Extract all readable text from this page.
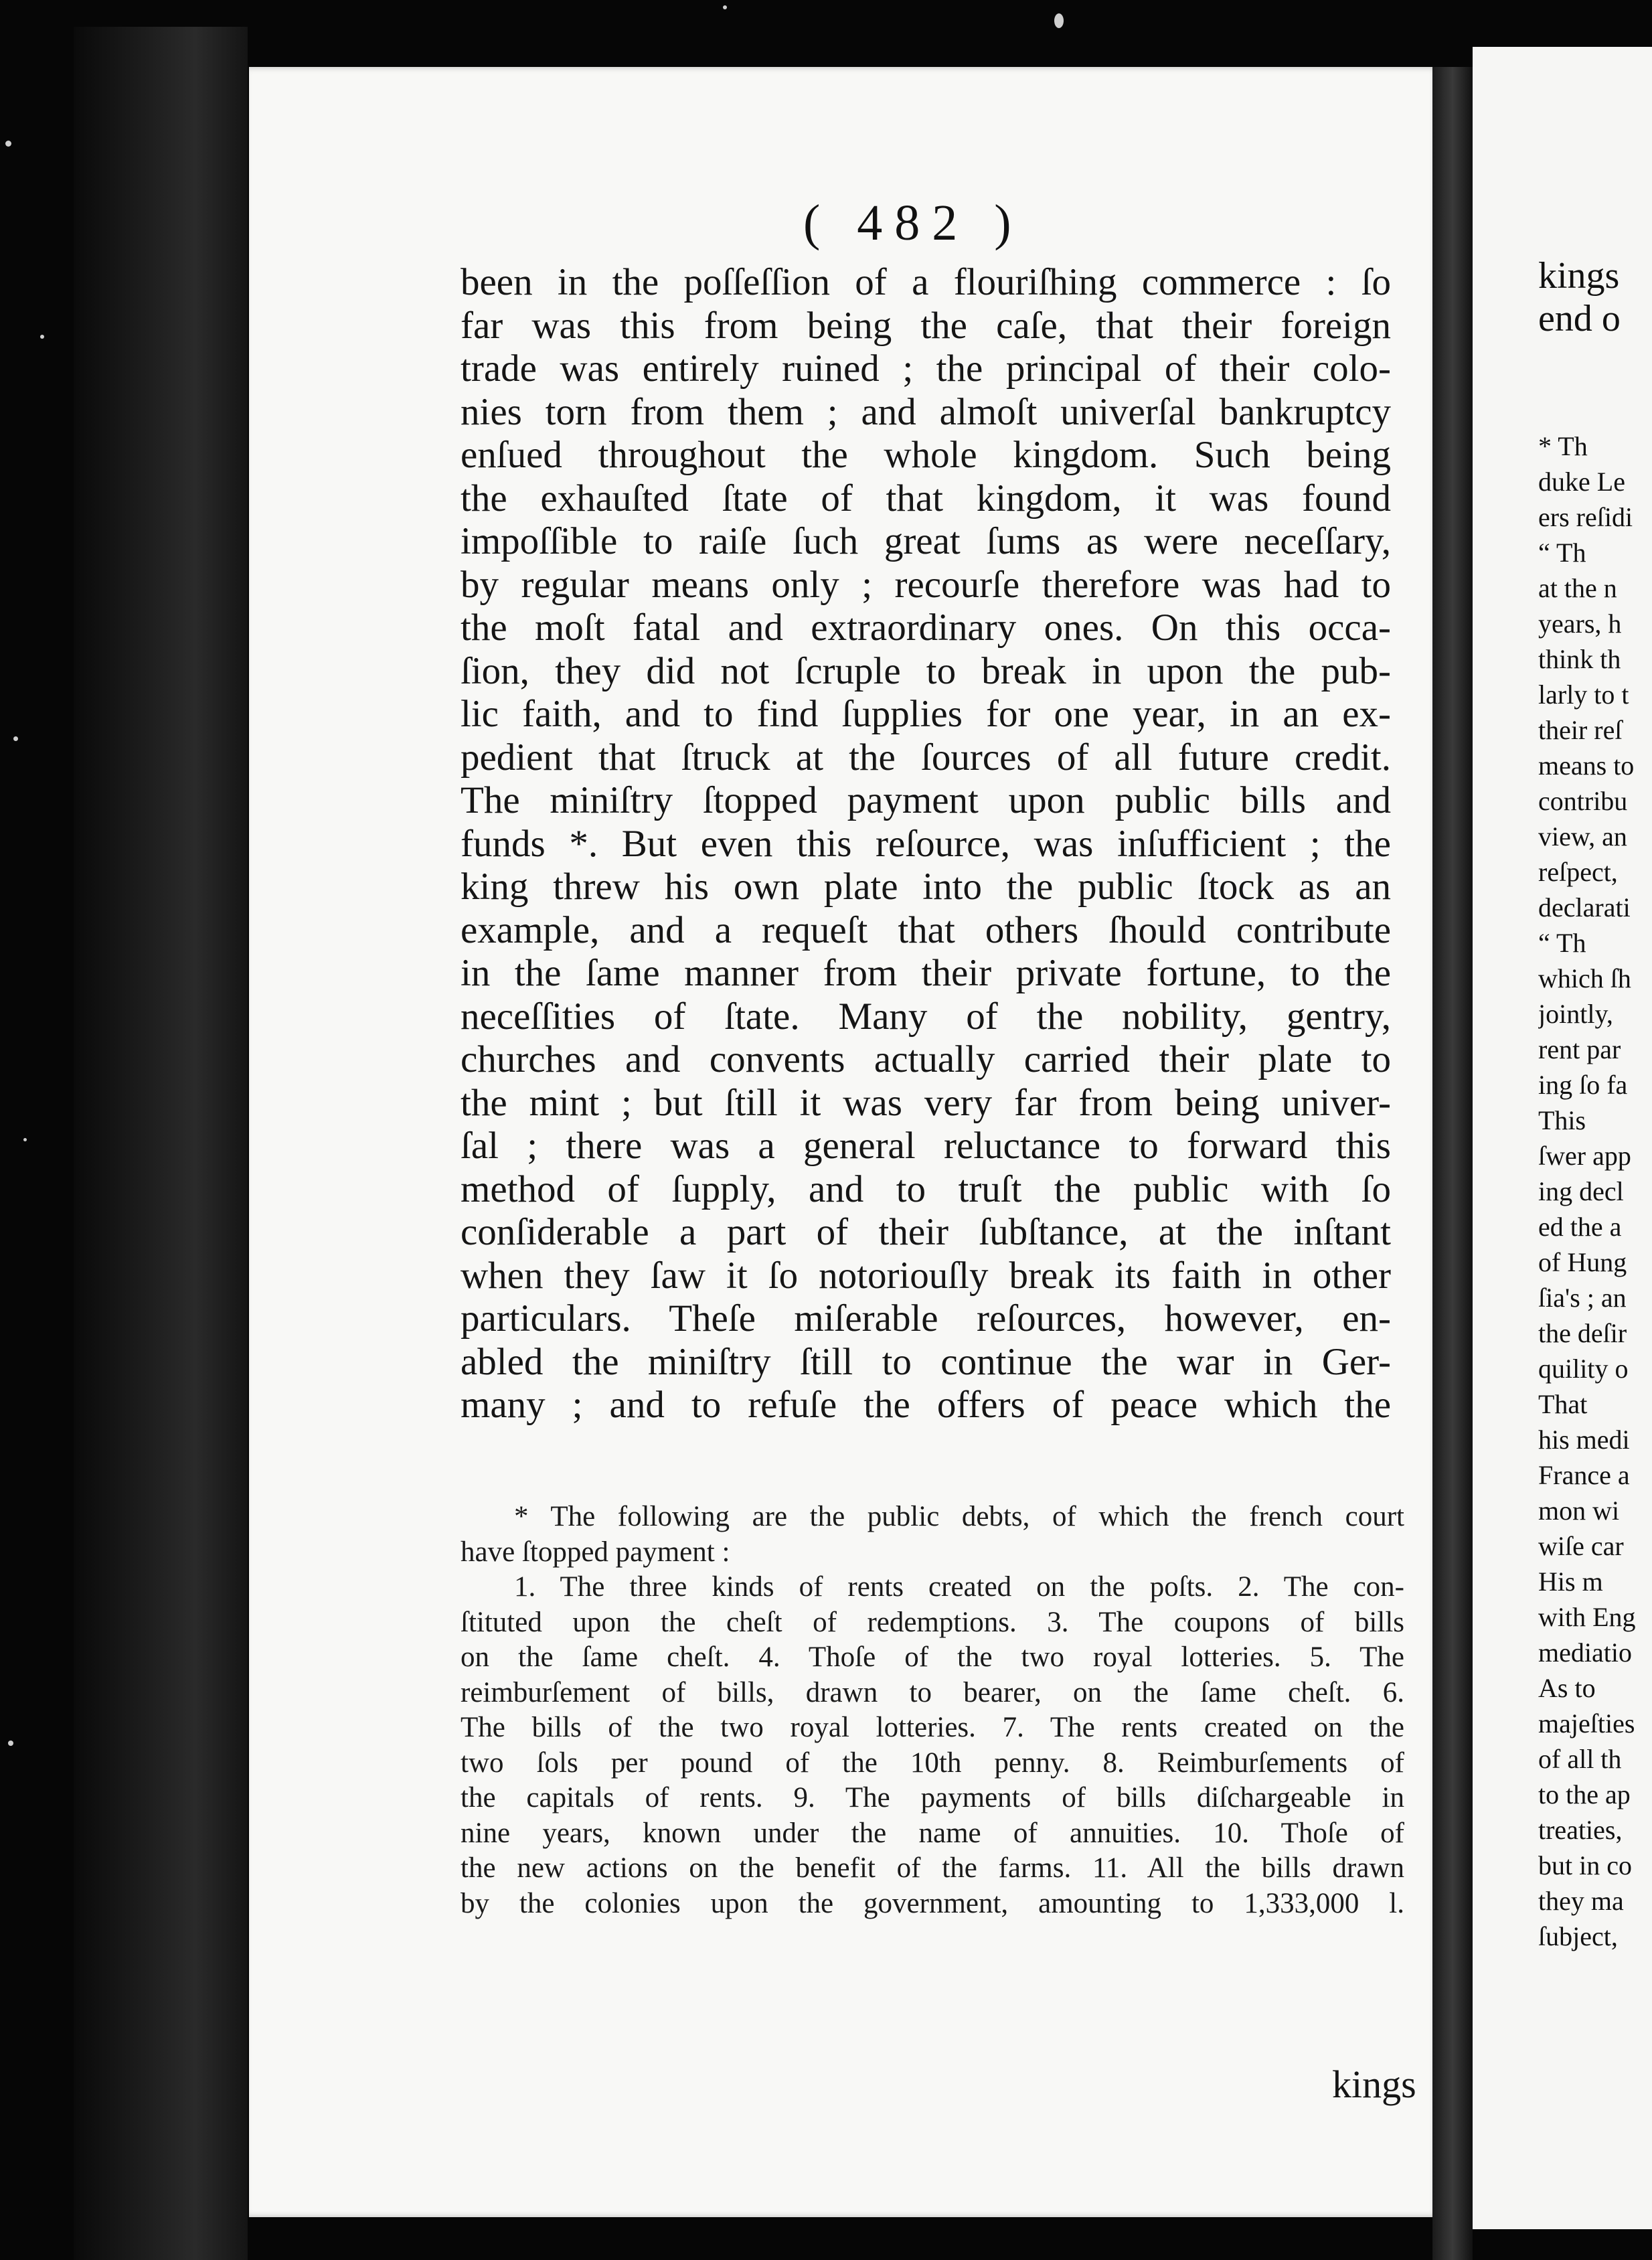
( 482 )
been in the poſſeſſion of a flouriſhing commerce : ſo
far was this from being the caſe, that their foreign
trade was entirely ruined ; the principal of their colo-
nies torn from them ; and almoſt univerſal bankruptcy
enſued throughout the whole kingdom. Such being
the exhauſted ſtate of that kingdom, it was found
impoſſible to raiſe ſuch great ſums as were neceſſary,
by regular means only ; recourſe therefore was had to
the moſt fatal and extraordinary ones. On this occa-
ſion, they did not ſcruple to break in upon the pub-
lic faith, and to find ſupplies for one year, in an ex-
pedient that ſtruck at the ſources of all future credit.
The miniſtry ſtopped payment upon public bills and
funds *. But even this reſource, was inſufficient ; the
king threw his own plate into the public ſtock as an
example, and a requeſt that others ſhould contribute
in the ſame manner from their private fortune, to the
neceſſities of ſtate. Many of the nobility, gentry,
churches and convents actually carried their plate to
the mint ; but ſtill it was very far from being univer-
ſal ; there was a general reluctance to forward this
method of ſupply, and to truſt the public with ſo
conſiderable a part of their ſubſtance, at the inſtant
when they ſaw it ſo notoriouſly break its faith in other
particulars. Theſe miſerable reſources, however, en-
abled the miniſtry ſtill to continue the war in Ger-
many ; and to refuſe the offers of peace which the
* The following are the public debts, of which the french court
have ſtopped payment :
1. The three kinds of rents created on the poſts. 2. The con-
ſtituted upon the cheſt of redemptions. 3. The coupons of bills
on the ſame cheſt. 4. Thoſe of the two royal lotteries. 5. The
reimburſement of bills, drawn to bearer, on the ſame cheſt. 6.
The bills of the two royal lotteries. 7. The rents created on the
two ſols per pound of the 10th penny. 8. Reimburſements of
the capitals of rents. 9. The payments of bills diſchargeable in
nine years, known under the name of annuities. 10. Thoſe of
the new actions on the benefit of the farms. 11. All the bills drawn
by the colonies upon the government, amounting to 1,333,000 l.
kings
kings
end o
* Th
duke Le
ers reſidi
“ Th
at the n
years, h
think th
larly to t
their reſ
means to
contribu
view, an
reſpect,
declarati
“ Th
which ſh
jointly,
rent par
ing ſo fa
This
ſwer app
ing decl
ed the a
of Hung
ſia's ; an
the deſir
quility o
That
his medi
France a
mon wi
wiſe car
His m
with Eng
mediatio
As to
majeſties
of all th
to the ap
treaties,
but in co
they ma
ſubject,
